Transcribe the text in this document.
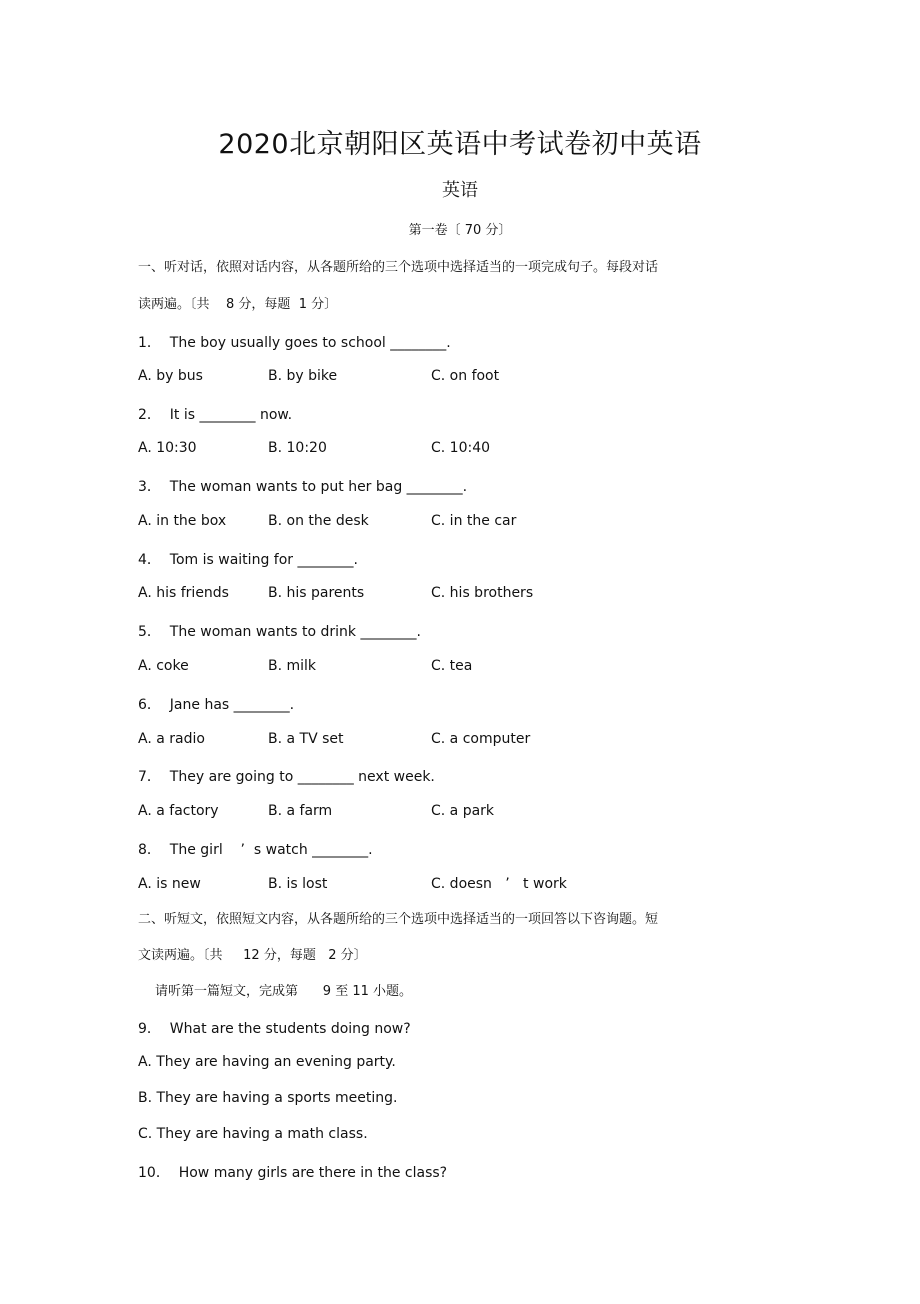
2020北京朝阳区英语中考试卷初中英语
英语
第一卷〔 70 分〕
一、听对话，依照对话内容，从各题所给的三个选项中选择适当的一项完成句子。每段对话
读两遍。〔共    8 分，每题  1 分〕
1．  The boy usually goes to school ________.
A. by bus	B. by bike	C. on foot
2．  It is ________ now.
A. 10:30	B. 10:20	C. 10:40
3．  The woman wants to put her bag ________.
A. in the box	B. on the desk	C. in the car
4．  Tom is waiting for ________.
A. his friends	B. his parents	C. his brothers
5．  The woman wants to drink ________.
A. coke	B. milk	C. tea
6．  Jane has ________.
A. a radio	B. a TV set	C. a computer
7．  They are going to ________ next week.
A. a factory	B. a farm	C. a park
8．  The girl    ’  s watch ________.
A. is new	B. is lost	C. doesn   ’   t work
二、听短文，依照短文内容，从各题所给的三个选项中选择适当的一项回答以下咨询题。短
文读两遍。〔共     12 分，每题   2 分〕
请听第一篇短文，完成第      9 至 11 小题。
9．  What are the students doing now?
A. They are having an evening party.
B. They are having a sports meeting.
C. They are having a math class.
10．  How many girls are there in the class?
